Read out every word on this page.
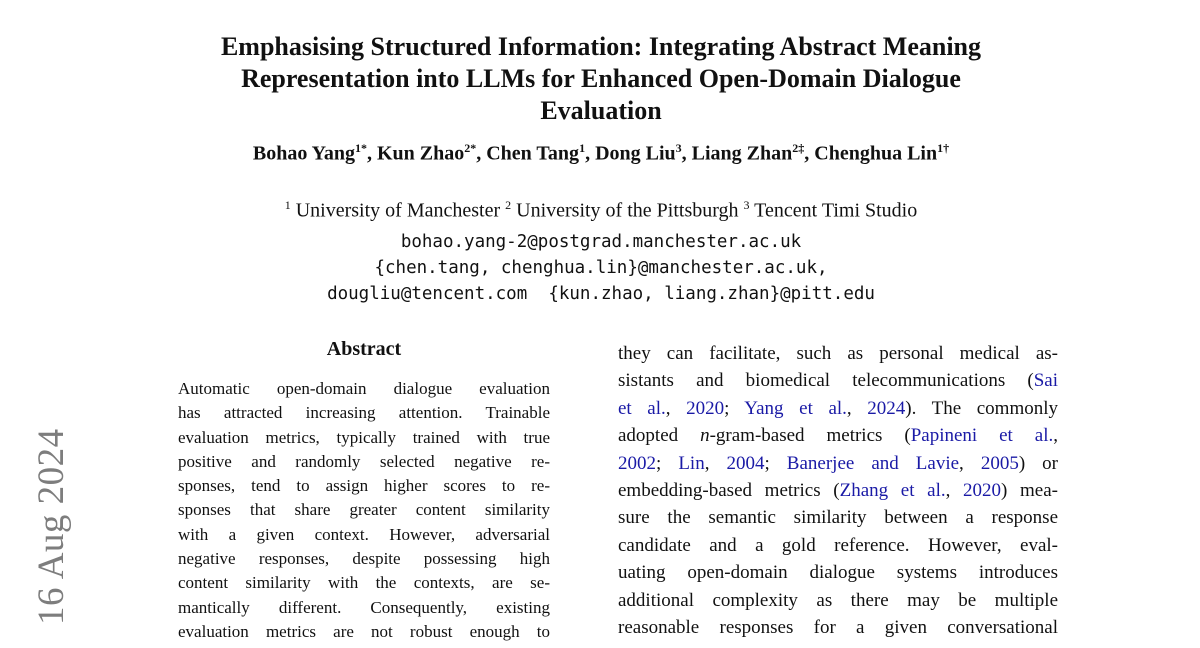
16 Aug 2024
Emphasising Structured Information: Integrating Abstract Meaning
Representation into LLMs for Enhanced Open-Domain Dialogue
Evaluation
Bohao Yang$^{1*}$, Kun Zhao$^{2*}$, Chen Tang$^1$, Dong Liu$^3$, Liang Zhan$^{2\ddagger}$, Chenghua Lin$^{1\dagger}$
$^1$ University of Manchester $^2$ University of the Pittsburgh $^3$ Tencent Timi Studio
bohao.yang-2@postgrad.manchester.ac.uk
{chen.tang, chenghua.lin}@manchester.ac.uk,
dougliu@tencent.com  {kun.zhao, liang.zhan}@pitt.edu
Abstract
Automatic open-domain dialogue evaluation
has attracted increasing attention. Trainable
evaluation metrics, typically trained with true
positive and randomly selected negative re-
sponses, tend to assign higher scores to re-
sponses that share greater content similarity
with a given context. However, adversarial
negative responses, despite possessing high
content similarity with the contexts, are se-
mantically different. Consequently, existing
evaluation metrics are not robust enough to
they can facilitate, such as personal medical as-
sistants and biomedical telecommunications (Sai
et al., 2020; Yang et al., 2024). The commonly
adopted n-gram-based metrics (Papineni et al.,
2002; Lin, 2004; Banerjee and Lavie, 2005) or
embedding-based metrics (Zhang et al., 2020) mea-
sure the semantic similarity between a response
candidate and a gold reference. However, eval-
uating open-domain dialogue systems introduces
additional complexity as there may be multiple
reasonable responses for a given conversational
